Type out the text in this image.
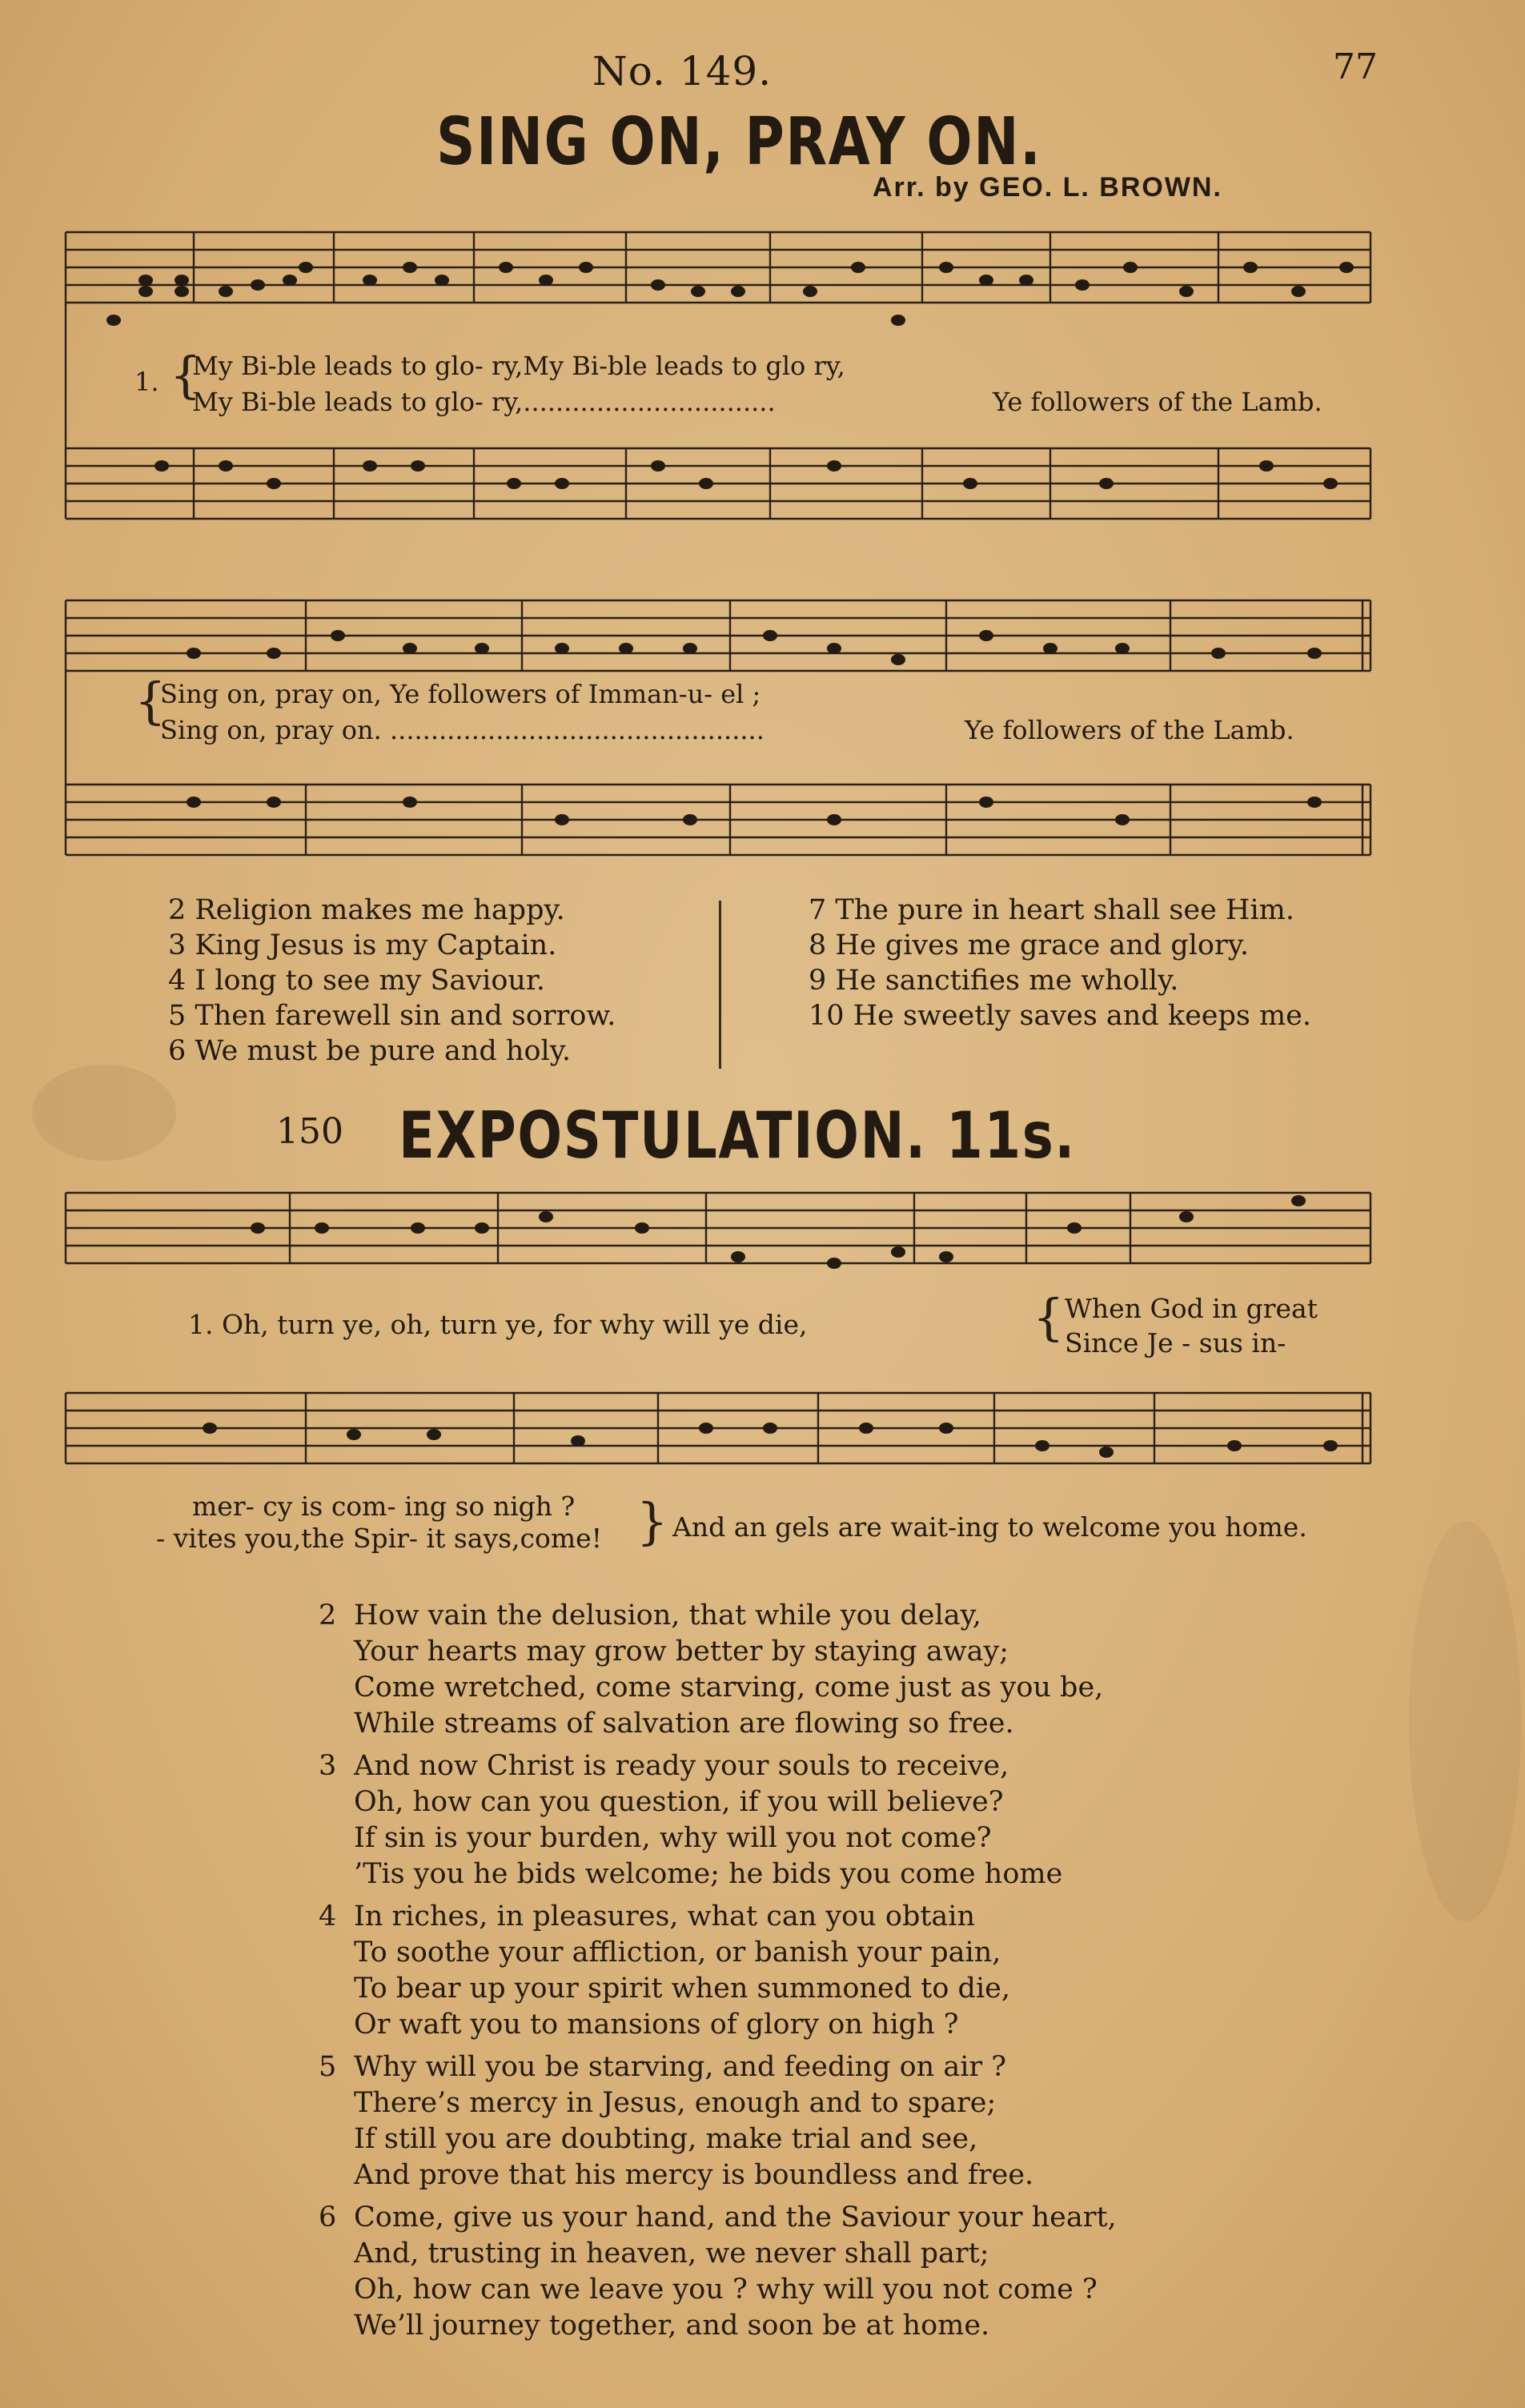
No. 149.	77
SING ON, PRAY ON.
Arr. by GEO. L. BROWN.
1. {
My Bi-ble leads to glo- ry,My Bi-ble leads to glo ry,
My Bi-ble leads to glo- ry,...............................	Ye followers of the Lamb.
{
Sing on, pray on, Ye followers of Imman-u- el ;
Sing on, pray on. ..............................................	Ye followers of the Lamb.
2 Religion makes me happy.
3 King Jesus is my Captain.
4 I long to see my Saviour.
5 Then farewell sin and sorrow.
6 We must be pure and holy.
7 The pure in heart shall see Him.
8 He gives me grace and glory.
9 He sanctifies me wholly.
10 He sweetly saves and keeps me.
150 EXPOSTULATION. 11s.
1. Oh, turn ye, oh, turn ye, for why will ye die,	{ When God in great
Since Je - sus in-
mer- cy is com- ing so nigh ?
- vites you,the Spir- it says,come! } And an gels are wait-ing to welcome you home.
2 How vain the delusion, that while you delay,
Your hearts may grow better by staying away;
Come wretched, come starving, come just as you be,
While streams of salvation are flowing so free.
3 And now Christ is ready your souls to receive,
Oh, how can you question, if you will believe?
If sin is your burden, why will you not come?
’Tis you he bids welcome; he bids you come home
4 In riches, in pleasures, what can you obtain
To soothe your affliction, or banish your pain,
To bear up your spirit when summoned to die,
Or waft you to mansions of glory on high ?
5 Why will you be starving, and feeding on air ?
There’s mercy in Jesus, enough and to spare;
If still you are doubting, make trial and see,
And prove that his mercy is boundless and free.
6 Come, give us your hand, and the Saviour your heart,
And, trusting in heaven, we never shall part;
Oh, how can we leave you ? why will you not come ?
We’ll journey together, and soon be at home.
